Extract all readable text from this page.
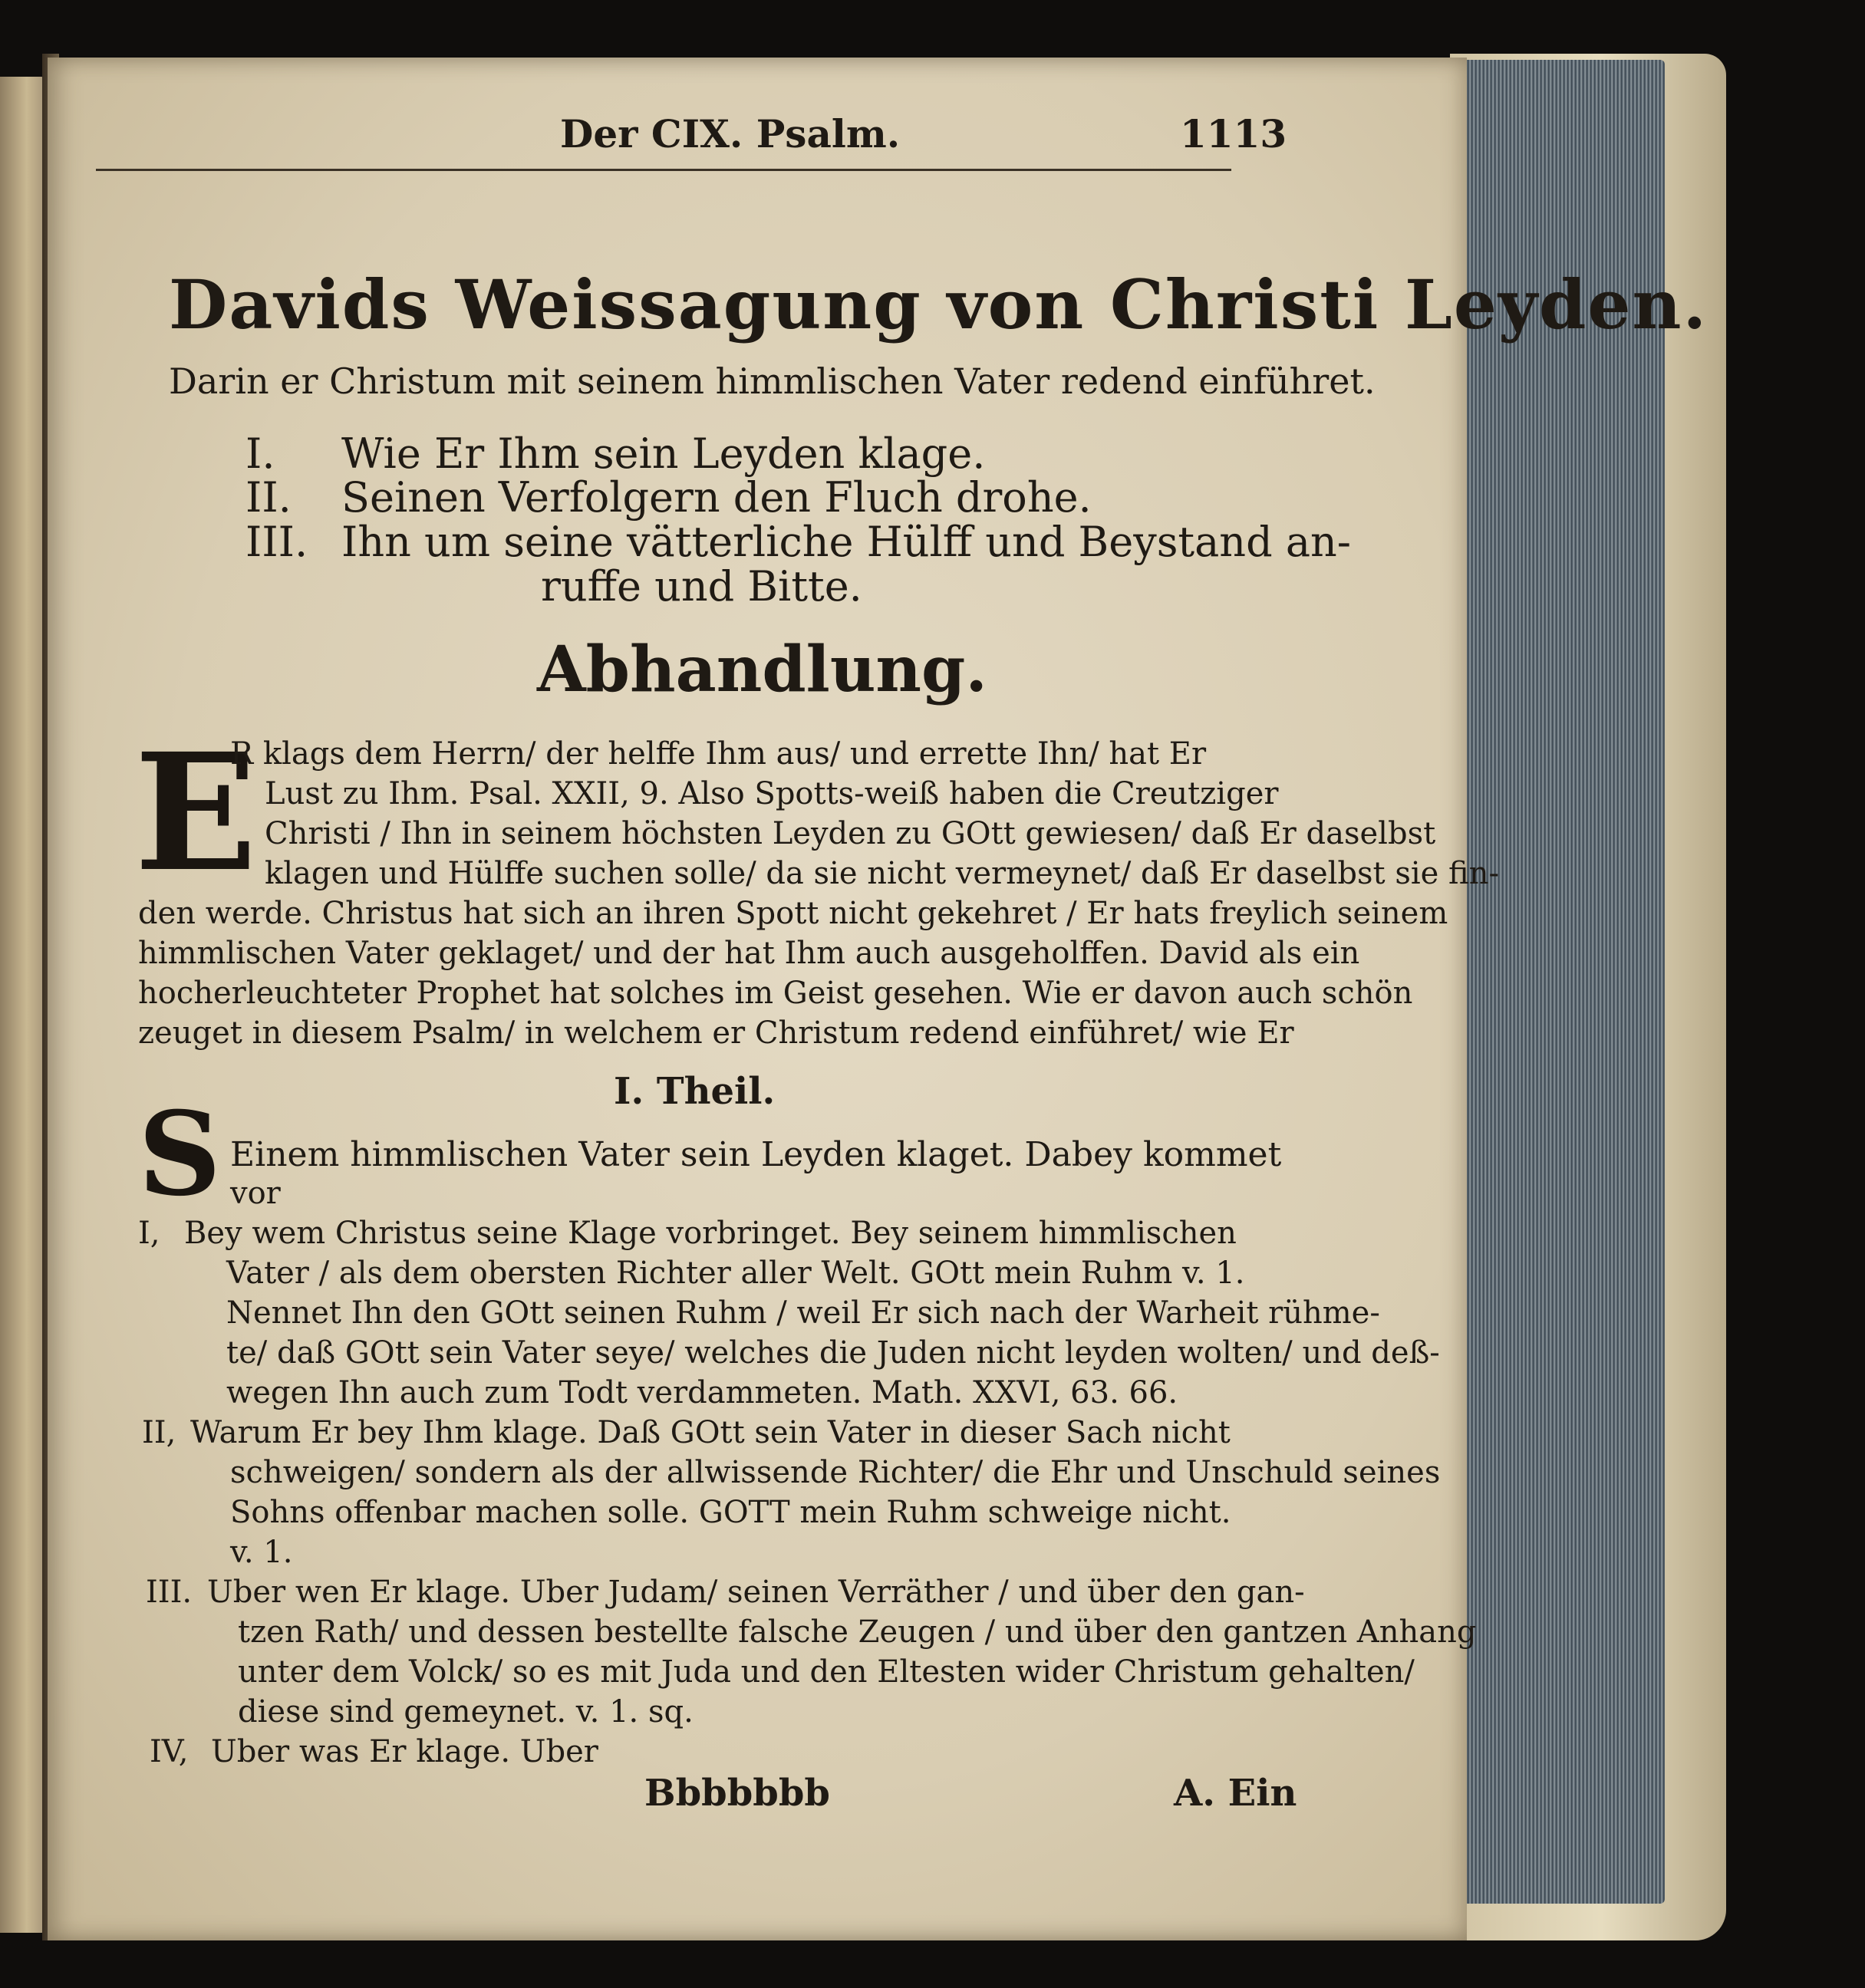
Der CIX. Psalm.	1113
Davids Weissagung von Christi Leyden.
Darin er Christum mit seinem himmlischen Vater redend einführet.
I. Wie Er Ihm sein Leyden klage.
II. Seinen Verfolgern den Fluch drohe.
III. Ihn um seine vätterliche Hülff und Beystand an-
ruffe und Bitte.
Abhandlung.
E
R klags dem Herrn/ der helffe Ihm aus/ und errette Ihn/ hat Er
Lust zu Ihm. Psal. XXII, 9. Also Spotts-weiß haben die Creutziger
Christi / Ihn in seinem höchsten Leyden zu GOtt gewiesen/ daß Er daselbst
klagen und Hülffe suchen solle/ da sie nicht vermeynet/ daß Er daselbst sie fin-
den werde. Christus hat sich an ihren Spott nicht gekehret / Er hats freylich seinem
himmlischen Vater geklaget/ und der hat Ihm auch ausgeholffen. David als ein
hocherleuchteter Prophet hat solches im Geist gesehen. Wie er davon auch schön
zeuget in diesem Psalm/ in welchem er Christum redend einführet/ wie Er
I. Theil.
S Einem himmlischen Vater sein Leyden klaget. Dabey kommet
vor
I, Bey wem Christus seine Klage vorbringet. Bey seinem himmlischen
Vater / als dem obersten Richter aller Welt. GOtt mein Ruhm v. 1.
Nennet Ihn den GOtt seinen Ruhm / weil Er sich nach der Warheit rühme-
te/ daß GOtt sein Vater seye/ welches die Juden nicht leyden wolten/ und deß-
wegen Ihn auch zum Todt verdammeten. Math. XXVI, 63. 66.
II, Warum Er bey Ihm klage. Daß GOtt sein Vater in dieser Sach nicht
schweigen/ sondern als der allwissende Richter/ die Ehr und Unschuld seines
Sohns offenbar machen solle. GOTT mein Ruhm schweige nicht.
v. 1.
III. Uber wen Er klage. Uber Judam/ seinen Verräther / und über den gan-
tzen Rath/ und dessen bestellte falsche Zeugen / und über den gantzen Anhang
unter dem Volck/ so es mit Juda und den Eltesten wider Christum gehalten/
diese sind gemeynet. v. 1. sq.
IV, Uber was Er klage. Uber
Bbbbbbb	A. Ein
